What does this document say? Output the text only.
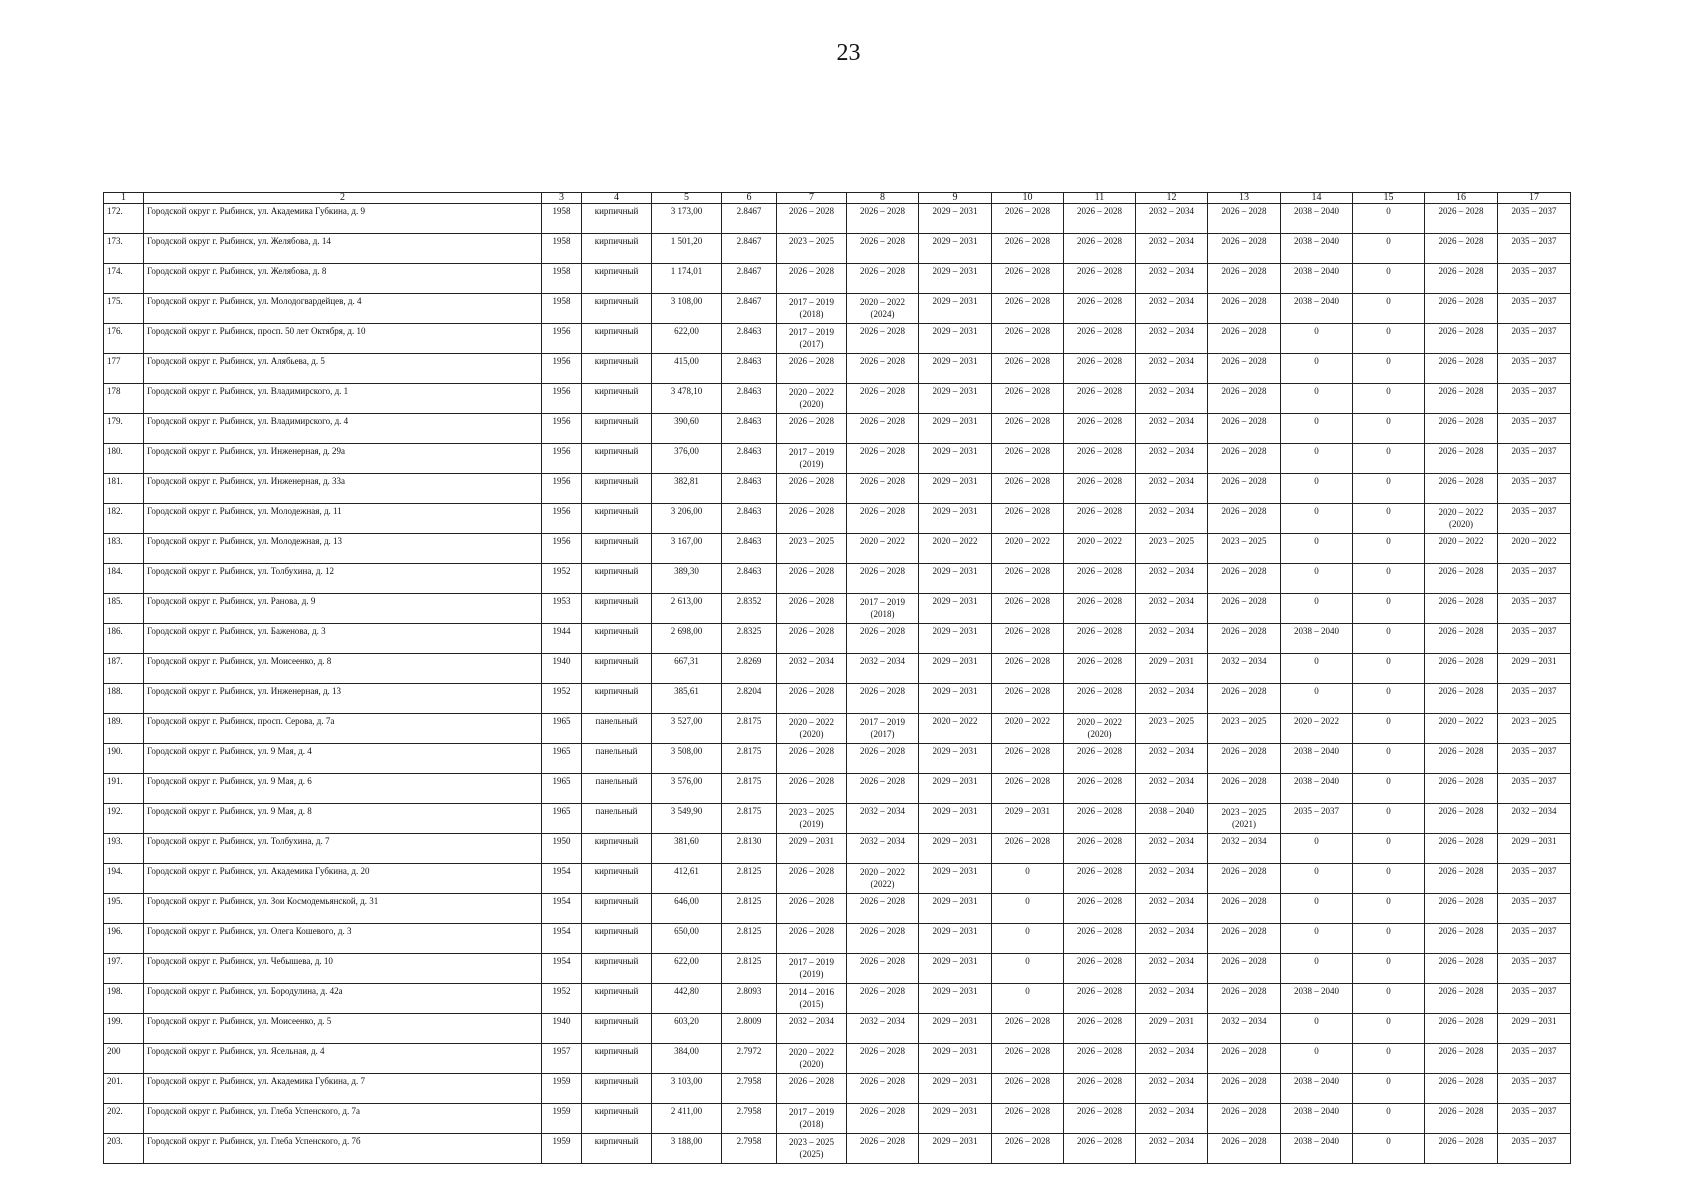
23
1	2	3	4	5	6	7	8	9	10	11	12	13	14	15	16	17

172.	Городской округ г. Рыбинск, ул. Академика Губкина, д. 9	1958	кирпичный	3 173,00	2.8467	2026 – 2028	2026 – 2028	2029 – 2031	2026 – 2028	2026 – 2028	2032 – 2034	2026 – 2028	2038 – 2040	0	2026 – 2028	2035 – 2037

173.	Городской округ г. Рыбинск, ул. Желябова, д. 14	1958	кирпичный	1 501,20	2.8467	2023 – 2025	2026 – 2028	2029 – 2031	2026 – 2028	2026 – 2028	2032 – 2034	2026 – 2028	2038 – 2040	0	2026 – 2028	2035 – 2037

174.	Городской округ г. Рыбинск, ул. Желябова, д. 8	1958	кирпичный	1 174,01	2.8467	2026 – 2028	2026 – 2028	2029 – 2031	2026 – 2028	2026 – 2028	2032 – 2034	2026 – 2028	2038 – 2040	0	2026 – 2028	2035 – 2037

175.	Городской округ г. Рыбинск, ул. Молодогвардейцев, д. 4	1958	кирпичный	3 108,00	2.8467	2017 – 2019
(2018)	2020 – 2022
(2024)	2029 – 2031	2026 – 2028	2026 – 2028	2032 – 2034	2026 – 2028	2038 – 2040	0	2026 – 2028	2035 – 2037

176.	Городской округ г. Рыбинск, просп. 50 лет Октября, д. 10	1956	кирпичный	622,00	2.8463	2017 – 2019
(2017)	2026 – 2028	2029 – 2031	2026 – 2028	2026 – 2028	2032 – 2034	2026 – 2028	0	0	2026 – 2028	2035 – 2037

177	Городской округ г. Рыбинск, ул. Алябьева, д. 5	1956	кирпичный	415,00	2.8463	2026 – 2028	2026 – 2028	2029 – 2031	2026 – 2028	2026 – 2028	2032 – 2034	2026 – 2028	0	0	2026 – 2028	2035 – 2037

178	Городской округ г. Рыбинск, ул. Владимирского, д. 1	1956	кирпичный	3 478,10	2.8463	2020 – 2022
(2020)	2026 – 2028	2029 – 2031	2026 – 2028	2026 – 2028	2032 – 2034	2026 – 2028	0	0	2026 – 2028	2035 – 2037

179.	Городской округ г. Рыбинск, ул. Владимирского, д. 4	1956	кирпичный	390,60	2.8463	2026 – 2028	2026 – 2028	2029 – 2031	2026 – 2028	2026 – 2028	2032 – 2034	2026 – 2028	0	0	2026 – 2028	2035 – 2037

180.	Городской округ г. Рыбинск, ул. Инженерная, д. 29а	1956	кирпичный	376,00	2.8463	2017 – 2019
(2019)	2026 – 2028	2029 – 2031	2026 – 2028	2026 – 2028	2032 – 2034	2026 – 2028	0	0	2026 – 2028	2035 – 2037

181.	Городской округ г. Рыбинск, ул. Инженерная, д. 33а	1956	кирпичный	382,81	2.8463	2026 – 2028	2026 – 2028	2029 – 2031	2026 – 2028	2026 – 2028	2032 – 2034	2026 – 2028	0	0	2026 – 2028	2035 – 2037

182.	Городской округ г. Рыбинск, ул. Молодежная, д. 11	1956	кирпичный	3 206,00	2.8463	2026 – 2028	2026 – 2028	2029 – 2031	2026 – 2028	2026 – 2028	2032 – 2034	2026 – 2028	0	0	2020 – 2022
(2020)	2035 – 2037

183.	Городской округ г. Рыбинск, ул. Молодежная, д. 13	1956	кирпичный	3 167,00	2.8463	2023 – 2025	2020 – 2022	2020 – 2022	2020 – 2022	2020 – 2022	2023 – 2025	2023 – 2025	0	0	2020 – 2022	2020 – 2022

184.	Городской округ г. Рыбинск, ул. Толбухина, д. 12	1952	кирпичный	389,30	2.8463	2026 – 2028	2026 – 2028	2029 – 2031	2026 – 2028	2026 – 2028	2032 – 2034	2026 – 2028	0	0	2026 – 2028	2035 – 2037

185.	Городской округ г. Рыбинск, ул. Ранова, д. 9	1953	кирпичный	2 613,00	2.8352	2026 – 2028	2017 – 2019
(2018)	2029 – 2031	2026 – 2028	2026 – 2028	2032 – 2034	2026 – 2028	0	0	2026 – 2028	2035 – 2037

186.	Городской округ г. Рыбинск, ул. Баженова, д. 3	1944	кирпичный	2 698,00	2.8325	2026 – 2028	2026 – 2028	2029 – 2031	2026 – 2028	2026 – 2028	2032 – 2034	2026 – 2028	2038 – 2040	0	2026 – 2028	2035 – 2037

187.	Городской округ г. Рыбинск, ул. Моисеенко, д. 8	1940	кирпичный	667,31	2.8269	2032 – 2034	2032 – 2034	2029 – 2031	2026 – 2028	2026 – 2028	2029 – 2031	2032 – 2034	0	0	2026 – 2028	2029 – 2031

188.	Городской округ г. Рыбинск, ул. Инженерная, д. 13	1952	кирпичный	385,61	2.8204	2026 – 2028	2026 – 2028	2029 – 2031	2026 – 2028	2026 – 2028	2032 – 2034	2026 – 2028	0	0	2026 – 2028	2035 – 2037

189.	Городской округ г. Рыбинск, просп. Серова, д. 7а	1965	панельный	3 527,00	2.8175	2020 – 2022
(2020)	2017 – 2019
(2017)	2020 – 2022	2020 – 2022	2020 – 2022
(2020)	2023 – 2025	2023 – 2025	2020 – 2022	0	2020 – 2022	2023 – 2025

190.	Городской округ г. Рыбинск, ул. 9 Мая, д. 4	1965	панельный	3 508,00	2.8175	2026 – 2028	2026 – 2028	2029 – 2031	2026 – 2028	2026 – 2028	2032 – 2034	2026 – 2028	2038 – 2040	0	2026 – 2028	2035 – 2037

191.	Городской округ г. Рыбинск, ул. 9 Мая, д. 6	1965	панельный	3 576,00	2.8175	2026 – 2028	2026 – 2028	2029 – 2031	2026 – 2028	2026 – 2028	2032 – 2034	2026 – 2028	2038 – 2040	0	2026 – 2028	2035 – 2037

192.	Городской округ г. Рыбинск, ул. 9 Мая, д. 8	1965	панельный	3 549,90	2.8175	2023 – 2025
(2019)	2032 – 2034	2029 – 2031	2029 – 2031	2026 – 2028	2038 – 2040	2023 – 2025
(2021)	2035 – 2037	0	2026 – 2028	2032 – 2034

193.	Городской округ г. Рыбинск, ул. Толбухина, д. 7	1950	кирпичный	381,60	2.8130	2029 – 2031	2032 – 2034	2029 – 2031	2026 – 2028	2026 – 2028	2032 – 2034	2032 – 2034	0	0	2026 – 2028	2029 – 2031

194.	Городской округ г. Рыбинск, ул. Академика Губкина, д. 20	1954	кирпичный	412,61	2.8125	2026 – 2028	2020 – 2022
(2022)	2029 – 2031	0	2026 – 2028	2032 – 2034	2026 – 2028	0	0	2026 – 2028	2035 – 2037

195.	Городской округ г. Рыбинск, ул. Зои Космодемьянской, д. 31	1954	кирпичный	646,00	2.8125	2026 – 2028	2026 – 2028	2029 – 2031	0	2026 – 2028	2032 – 2034	2026 – 2028	0	0	2026 – 2028	2035 – 2037

196.	Городской округ г. Рыбинск, ул. Олега Кошевого, д. 3	1954	кирпичный	650,00	2.8125	2026 – 2028	2026 – 2028	2029 – 2031	0	2026 – 2028	2032 – 2034	2026 – 2028	0	0	2026 – 2028	2035 – 2037

197.	Городской округ г. Рыбинск, ул. Чебышева, д. 10	1954	кирпичный	622,00	2.8125	2017 – 2019
(2019)	2026 – 2028	2029 – 2031	0	2026 – 2028	2032 – 2034	2026 – 2028	0	0	2026 – 2028	2035 – 2037

198.	Городской округ г. Рыбинск, ул. Бородулина, д. 42а	1952	кирпичный	442,80	2.8093	2014 – 2016
(2015)	2026 – 2028	2029 – 2031	0	2026 – 2028	2032 – 2034	2026 – 2028	2038 – 2040	0	2026 – 2028	2035 – 2037

199.	Городской округ г. Рыбинск, ул. Моисеенко, д. 5	1940	кирпичный	603,20	2.8009	2032 – 2034	2032 – 2034	2029 – 2031	2026 – 2028	2026 – 2028	2029 – 2031	2032 – 2034	0	0	2026 – 2028	2029 – 2031

200	Городской округ г. Рыбинск, ул. Ясельная, д. 4	1957	кирпичный	384,00	2.7972	2020 – 2022
(2020)	2026 – 2028	2029 – 2031	2026 – 2028	2026 – 2028	2032 – 2034	2026 – 2028	0	0	2026 – 2028	2035 – 2037

201.	Городской округ г. Рыбинск, ул. Академика Губкина, д. 7	1959	кирпичный	3 103,00	2.7958	2026 – 2028	2026 – 2028	2029 – 2031	2026 – 2028	2026 – 2028	2032 – 2034	2026 – 2028	2038 – 2040	0	2026 – 2028	2035 – 2037

202.	Городской округ г. Рыбинск, ул. Глеба Успенского, д. 7а	1959	кирпичный	2 411,00	2.7958	2017 – 2019
(2018)	2026 – 2028	2029 – 2031	2026 – 2028	2026 – 2028	2032 – 2034	2026 – 2028	2038 – 2040	0	2026 – 2028	2035 – 2037

203.	Городской округ г. Рыбинск, ул. Глеба Успенского, д. 7б	1959	кирпичный	3 188,00	2.7958	2023 – 2025
(2025)	2026 – 2028	2029 – 2031	2026 – 2028	2026 – 2028	2032 – 2034	2026 – 2028	2038 – 2040	0	2026 – 2028	2035 – 2037
